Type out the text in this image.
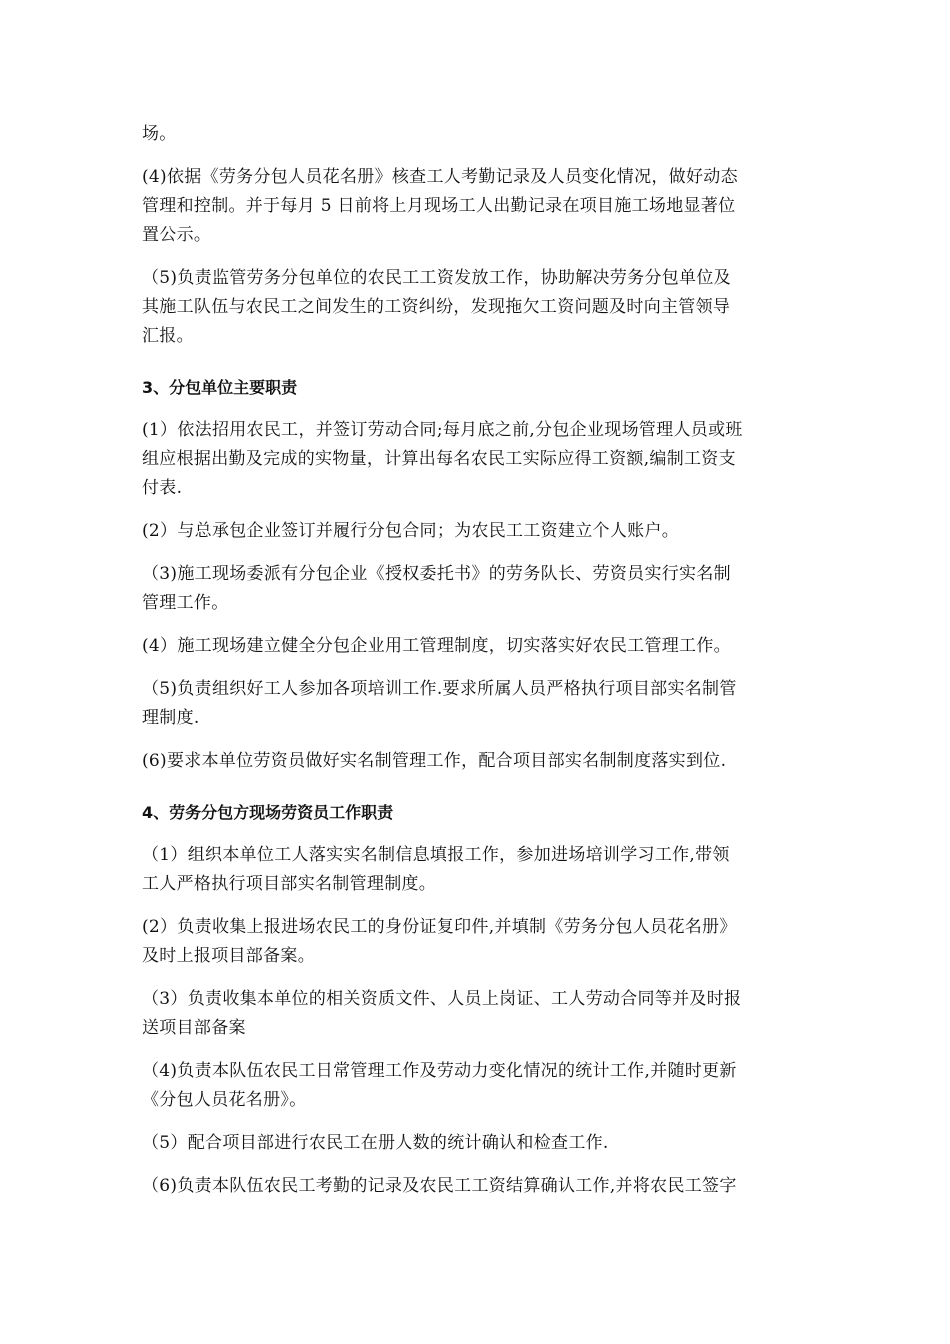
场。
(4)依据《劳务分包人员花名册》核查工人考勤记录及人员变化情况，做好动态
管理和控制。并于每月 5 日前将上月现场工人出勤记录在项目施工场地显著位
置公示。
（5)负责监管劳务分包单位的农民工工资发放工作，协助解决劳务分包单位及
其施工队伍与农民工之间发生的工资纠纷，发现拖欠工资问题及时向主管领导
汇报。
3、分包单位主要职责
(1）依法招用农民工，并签订劳动合同;每月底之前,分包企业现场管理人员或班
组应根据出勤及完成的实物量，计算出每名农民工实际应得工资额,编制工资支
付表.
(2）与总承包企业签订并履行分包合同；为农民工工资建立个人账户。
（3)施工现场委派有分包企业《授权委托书》的劳务队长、劳资员实行实名制
管理工作。
(4）施工现场建立健全分包企业用工管理制度，切实落实好农民工管理工作。
（5)负责组织好工人参加各项培训工作.要求所属人员严格执行项目部实名制管
理制度.
(6)要求本单位劳资员做好实名制管理工作，配合项目部实名制制度落实到位.
4、劳务分包方现场劳资员工作职责
（1）组织本单位工人落实实名制信息填报工作，参加进场培训学习工作,带领
工人严格执行项目部实名制管理制度。
(2）负责收集上报进场农民工的身份证复印件,并填制《劳务分包人员花名册》
及时上报项目部备案。
（3）负责收集本单位的相关资质文件、人员上岗证、工人劳动合同等并及时报
送项目部备案
（4)负责本队伍农民工日常管理工作及劳动力变化情况的统计工作,并随时更新
《分包人员花名册》。
（5）配合项目部进行农民工在册人数的统计确认和检查工作.
（6)负责本队伍农民工考勤的记录及农民工工资结算确认工作,并将农民工签字
